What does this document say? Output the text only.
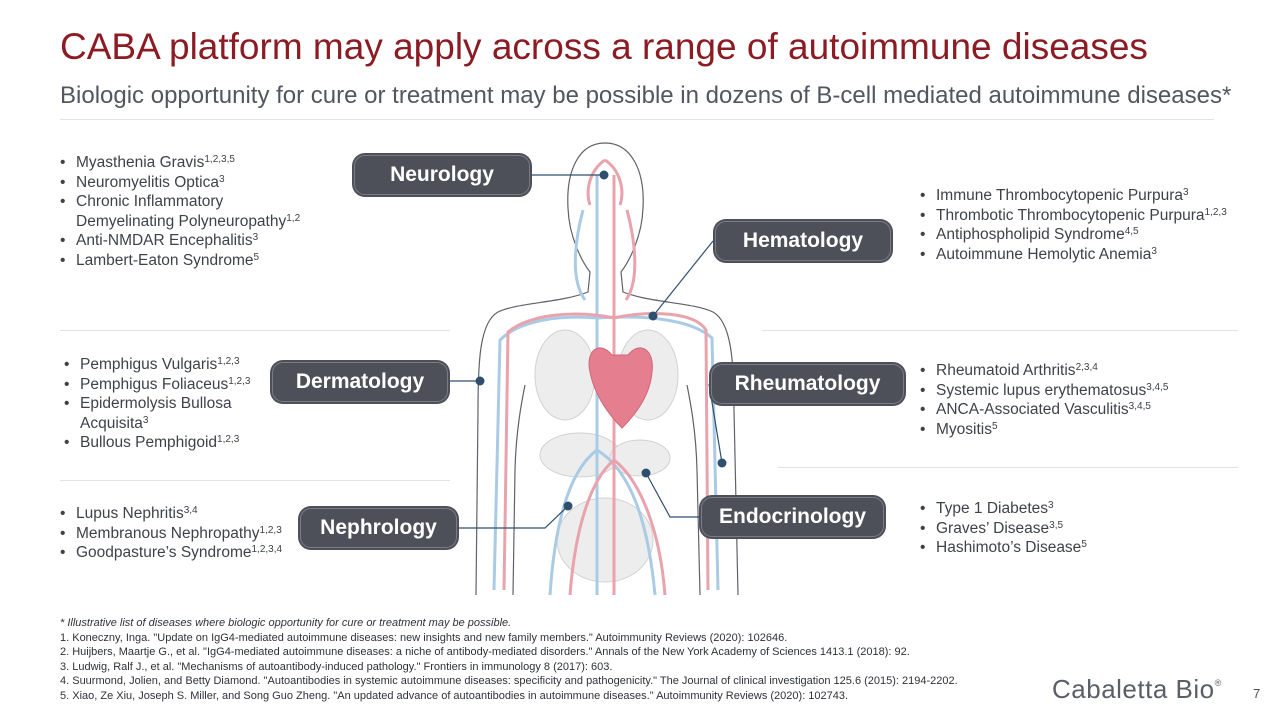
CABA platform may apply across a range of autoimmune diseases
Biologic opportunity for cure or treatment may be possible in dozens of B-cell mediated autoimmune diseases*
Neurology
Hematology
Dermatology	Rheumatology
Nephrology	Endocrinology
• Myasthenia Gravis$^{1,2,3,5}$
• Neuromyelitis Optica$^3$
• Chronic Inflammatory
Demyelinating Polyneuropathy$^{1,2}$
• Anti-NMDAR Encephalitis$^3$
• Lambert-Eaton Syndrome$^5$
• Immune Thrombocytopenic Purpura$^3$
• Thrombotic Thrombocytopenic Purpura$^{1,2,3}$
• Antiphospholipid Syndrome$^{4,5}$
• Autoimmune Hemolytic Anemia$^3$
• Pemphigus Vulgaris$^{1,2,3}$
• Pemphigus Foliaceus$^{1,2,3}$
• Epidermolysis Bullosa
Acquisita$^3$
• Bullous Pemphigoid$^{1,2,3}$
• Rheumatoid Arthritis$^{2,3,4}$
• Systemic lupus erythematosus$^{3,4,5}$
• ANCA-Associated Vasculitis$^{3,4,5}$
• Myositis$^5$
• Lupus Nephritis$^{3,4}$
• Membranous Nephropathy$^{1,2,3}$
• Goodpasture’s Syndrome$^{1,2,3,4}$
• Type 1 Diabetes$^3$
• Graves’ Disease$^{3,5}$
• Hashimoto’s Disease$^5$
* Illustrative list of diseases where biologic opportunity for cure or treatment may be possible.
1. Koneczny, Inga. "Update on IgG4-mediated autoimmune diseases: new insights and new family members." Autoimmunity Reviews (2020): 102646.
2. Huijbers, Maartje G., et al. "IgG4-mediated autoimmune diseases: a niche of antibody-mediated disorders." Annals of the New York Academy of Sciences 1413.1 (2018): 92.
3. Ludwig, Ralf J., et al. "Mechanisms of autoantibody-induced pathology." Frontiers in immunology 8 (2017): 603.
4. Suurmond, Jolien, and Betty Diamond. "Autoantibodies in systemic autoimmune diseases: specificity and pathogenicity." The Journal of clinical investigation 125.6 (2015): 2194-2202.
5. Xiao, Ze Xiu, Joseph S. Miller, and Song Guo Zheng. "An updated advance of autoantibodies in autoimmune diseases." Autoimmunity Reviews (2020): 102743.	Cabaletta Bio®
7
